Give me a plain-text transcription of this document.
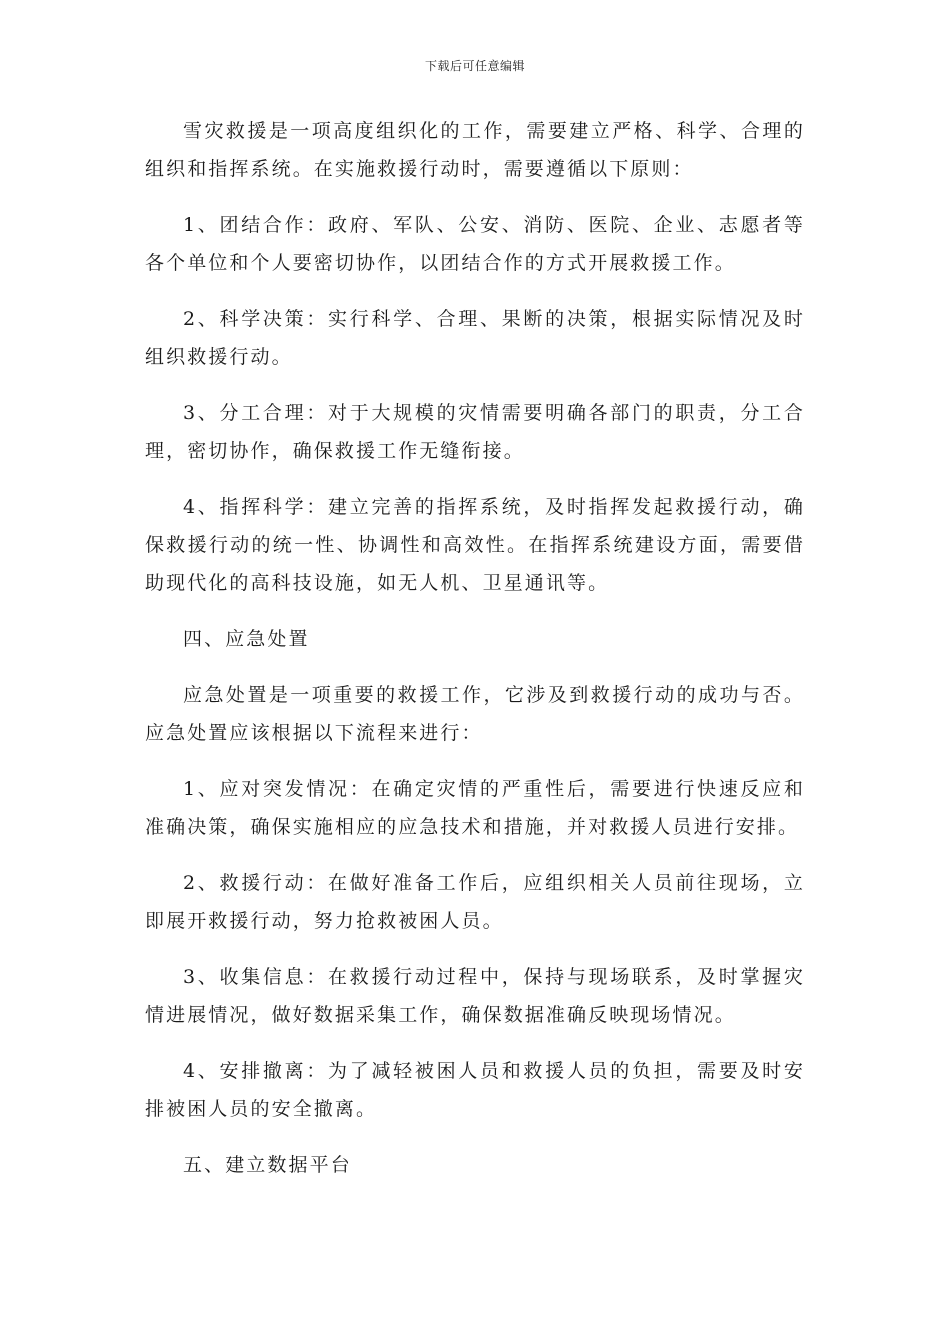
下载后可任意编辑

雪灾救援是一项高度组织化的工作，需要建立严格、科学、合理的组织和指挥系统。在实施救援行动时，需要遵循以下原则：

1、团结合作：政府、军队、公安、消防、医院、企业、志愿者等各个单位和个人要密切协作，以团结合作的方式开展救援工作。

2、科学决策：实行科学、合理、果断的决策，根据实际情况及时组织救援行动。

3、分工合理：对于大规模的灾情需要明确各部门的职责，分工合理，密切协作，确保救援工作无缝衔接。

4、指挥科学：建立完善的指挥系统，及时指挥发起救援行动，确保救援行动的统一性、协调性和高效性。在指挥系统建设方面，需要借助现代化的高科技设施，如无人机、卫星通讯等。

四、应急处置

应急处置是一项重要的救援工作，它涉及到救援行动的成功与否。应急处置应该根据以下流程来进行：

1、应对突发情况：在确定灾情的严重性后，需要进行快速反应和准确决策，确保实施相应的应急技术和措施，并对救援人员进行安排。

2、救援行动：在做好准备工作后，应组织相关人员前往现场，立即展开救援行动，努力抢救被困人员。

3、收集信息：在救援行动过程中，保持与现场联系，及时掌握灾情进展情况，做好数据采集工作，确保数据准确反映现场情况。

4、安排撤离：为了减轻被困人员和救援人员的负担，需要及时安排被困人员的安全撤离。

五、建立数据平台
